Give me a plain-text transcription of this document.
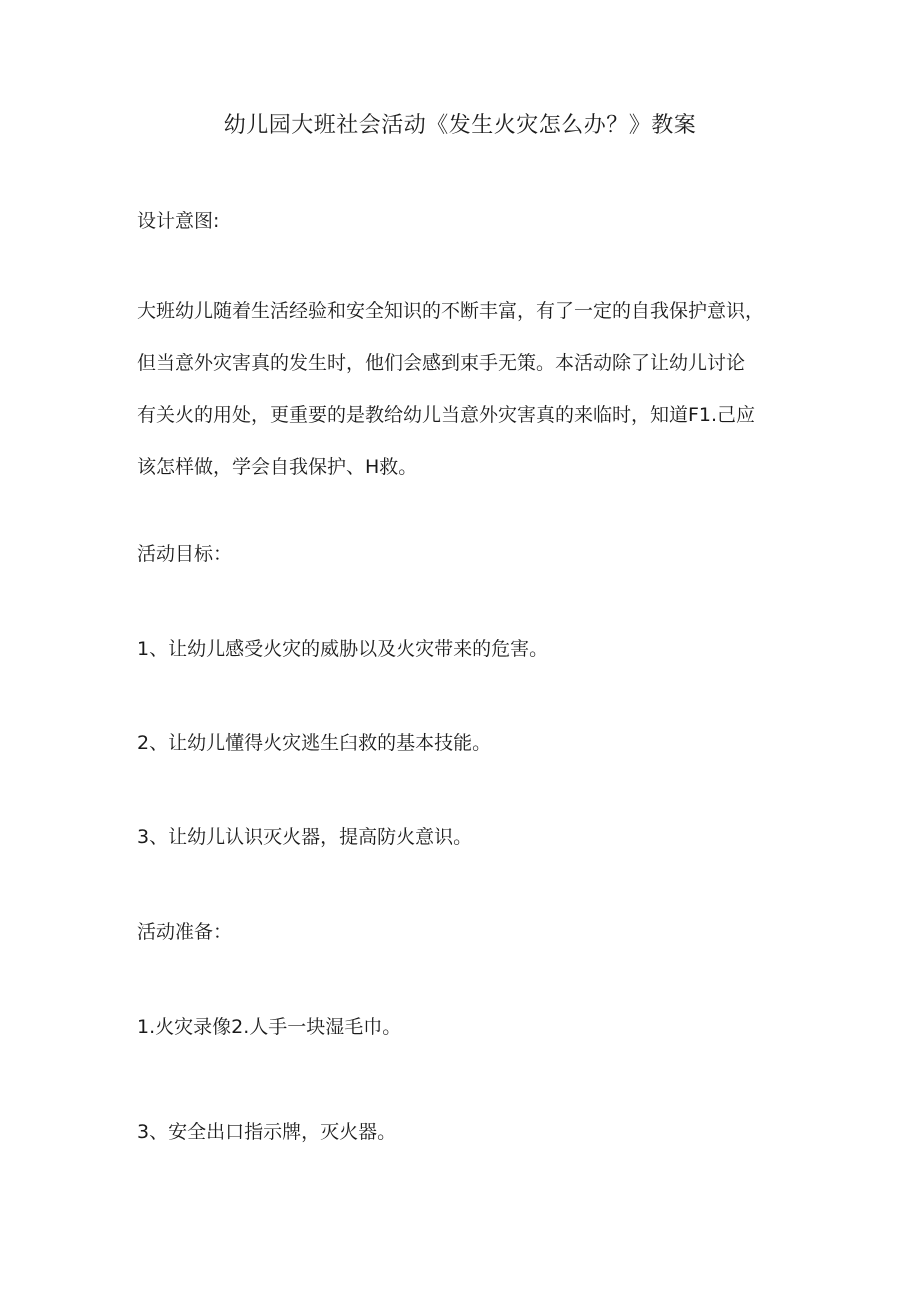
幼儿园大班社会活动《发生火灾怎么办？》教案
设计意图:
大班幼儿随着生活经验和安全知识的不断丰富，有了一定的自我保护意识，
但当意外灾害真的发生时，他们会感到束手无策。本活动除了让幼儿讨论
有关火的用处，更重要的是教给幼儿当意外灾害真的来临时，知道F1.己应
该怎样做，学会自我保护、H救。
活动目标：
1、让幼儿感受火灾的威胁以及火灾带来的危害。
2、让幼儿懂得火灾逃生臼救的基本技能。
3、让幼儿认识灭火器，提高防火意识。
活动准备：
1.火灾录像2.人手一块湿毛巾。
3、安全出口指示牌，灭火器。
